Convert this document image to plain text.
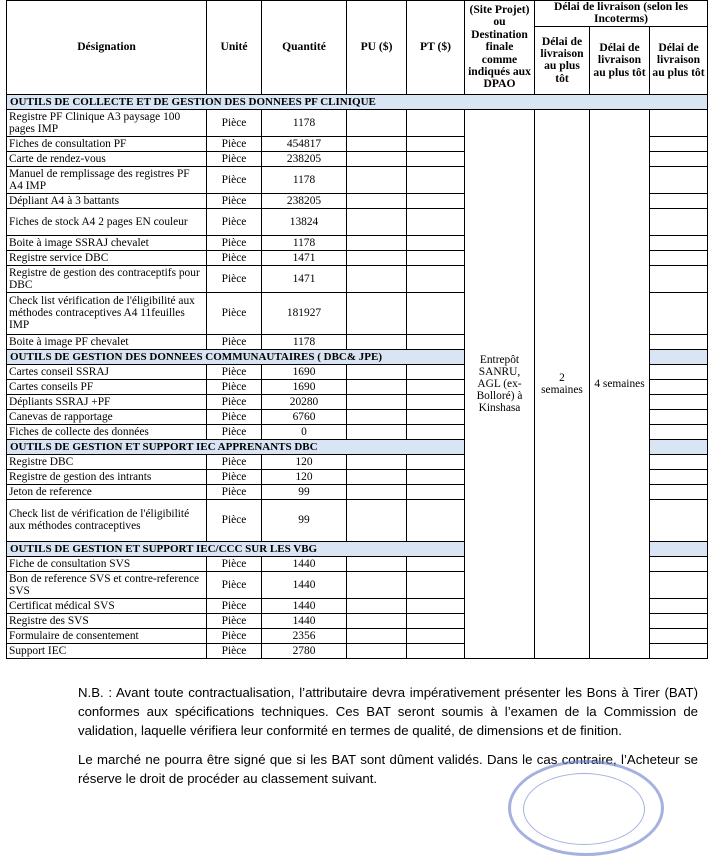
Désignation	Unité	Quantité	PU ($)	PT ($)	(Site Projet) ou Destination finale comme indiqués aux DPAO	Délai de livraison (selon les Incoterms)		
						Délai de livraison au plus tôt	Délai de livraison au plus tôt	Délai de livraison au plus tôt
OUTILS DE COLLECTE ET DE GESTION DES DONNEES PF CLINIQUE								
Registre PF Clinique A3 paysage 100 pages IMP	Pièce	1178			Entrepôt SANRU, AGL (ex-Bolloré) à Kinshasa	2 semaines	4 semaines	
Fiches de consultation PF	Pièce	454817						
Carte de rendez-vous	Pièce	238205						
Manuel de remplissage des registres PF A4 IMP	Pièce	1178						
Dépliant A4 à 3 battants	Pièce	238205						
Fiches de stock A4 2 pages EN couleur	Pièce	13824						
Boite à image SSRAJ chevalet	Pièce	1178						
Registre service DBC	Pièce	1471						
Registre de gestion des contraceptifs pour DBC	Pièce	1471						
Check list vérification de l'éligibilité aux méthodes contraceptives A4 11feuilles IMP	Pièce	181927						
Boite à image PF chevalet	Pièce	1178						
OUTILS DE GESTION DES DONNEES COMMUNAUTAIRES ( DBC& JPE)								
Cartes conseil SSRAJ	Pièce	1690						
Cartes conseils PF	Pièce	1690						
Dépliants SSRAJ +PF	Pièce	20280						
Canevas de rapportage	Pièce	6760						
Fiches de collecte des données	Pièce	0						
OUTILS DE GESTION ET SUPPORT IEC APPRENANTS DBC								
Registre DBC	Pièce	120						
Registre de gestion des intrants	Pièce	120						
Jeton de reference	Pièce	99						
Check list de vérification de l'éligibilité aux méthodes contraceptives	Pièce	99						
OUTILS DE GESTION ET SUPPORT IEC/CCC SUR LES VBG								
Fiche de consultation SVS	Pièce	1440						
Bon de reference SVS et contre-reference SVS	Pièce	1440						
Certificat médical SVS	Pièce	1440						
Registre des SVS	Pièce	1440						
Formulaire de consentement	Pièce	2356						
Support IEC	Pièce	2780						

N.B. : Avant toute contractualisation, l’attributaire devra impérativement présenter les Bons à Tirer (BAT) conformes aux spécifications techniques. Ces BAT seront soumis à l’examen de la Commission de validation, laquelle vérifiera leur conformité en termes de qualité, de dimensions et de finition.

Le marché ne pourra être signé que si les BAT sont dûment validés. Dans le cas contraire, l’Acheteur se réserve le droit de procéder au classement suivant.
